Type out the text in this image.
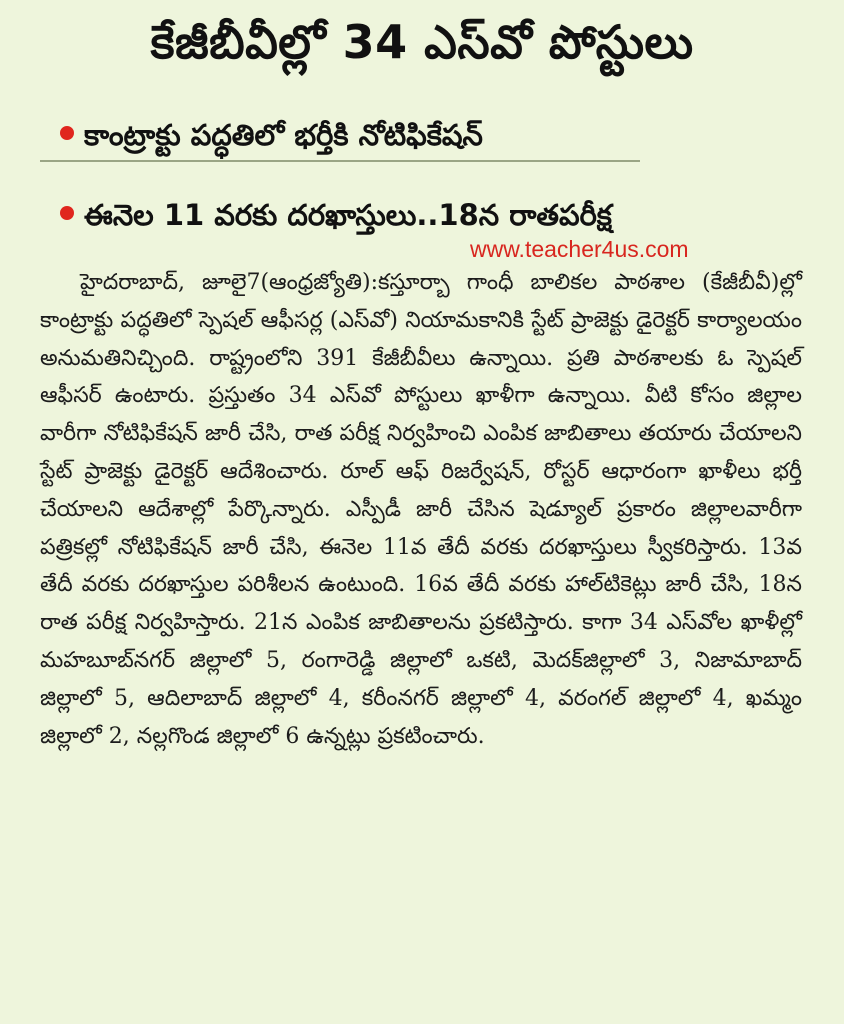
కేజీబీవీల్లో 34 ఎస్‌వో పోస్టులు
కాంట్రాక్టు పద్ధతిలో భర్తీకి నోటిఫికేషన్
ఈనెల 11 వరకు దరఖాస్తులు..18న రాతపరీక్ష
www.teacher4us.com

హైదరాబాద్, జూలై7(ఆంధ్రజ్యోతి):కస్తూర్బా గాంధీ బాలికల పాఠశాల (కేజీబీవీ)ల్లో కాంట్రాక్టు పద్ధతిలో స్పెషల్ ఆఫీసర్ల (ఎస్‌వో) నియామకానికి స్టేట్ ప్రాజెక్టు డైరెక్టర్ కార్యాలయం అనుమతినిచ్చింది. రాష్ట్రంలోని 391 కేజీబీవీలు ఉన్నాయి. ప్రతి పాఠశాలకు ఓ స్పెషల్ ఆఫీసర్ ఉంటారు. ప్రస్తుతం 34 ఎస్‌వో పోస్టులు ఖాళీగా ఉన్నాయి. వీటి కోసం జిల్లాల వారీగా నోటిఫికేషన్ జారీ చేసి, రాత పరీక్ష నిర్వహించి ఎంపిక జాబితాలు తయారు చేయాలని స్టేట్ ప్రాజెక్టు డైరెక్టర్ ఆదేశించారు. రూల్ ఆఫ్ రిజర్వేషన్, రోస్టర్ ఆధారంగా ఖాళీలు భర్తీ చేయాలని ఆదేశాల్లో పేర్కొన్నారు. ఎస్పీడీ జారీ చేసిన షెడ్యూల్ ప్రకారం జిల్లాలవారీగా పత్రికల్లో నోటిఫికేషన్ జారీ చేసి, ఈనెల 11వ తేదీ వరకు దరఖాస్తులు స్వీకరిస్తారు. 13వ తేదీ వరకు దరఖాస్తుల పరిశీలన ఉంటుంది. 16వ తేదీ వరకు హాల్‌టికెట్లు జారీ చేసి, 18న రాత పరీక్ష నిర్వహిస్తారు. 21న ఎంపిక జాబితాలను ప్రకటిస్తారు. కాగా 34 ఎస్‌వోల ఖాళీల్లో మహబూబ్‌నగర్ జిల్లాలో 5, రంగారెడ్డి జిల్లాలో ఒకటి, మెదక్‌జిల్లాలో 3, నిజామాబాద్ జిల్లాలో 5, ఆదిలాబాద్ జిల్లాలో 4, కరీంనగర్ జిల్లాలో 4, వరంగల్ జిల్లాలో 4, ఖమ్మం జిల్లాలో 2, నల్లగొండ జిల్లాలో 6 ఉన్నట్లు ప్రకటించారు.
